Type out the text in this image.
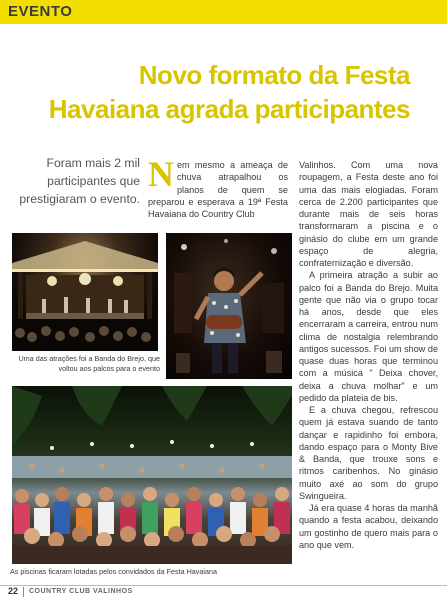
EVENTO
Novo formato da Festa
Havaiana agrada participantes
Foram mais 2 mil participantes que prestigiaram o evento.

Nem mesmo a ameaça de chuva atrapalhou os planos de quem se preparou e esperava a 19ª Festa Havaiana do Country Club

Valinhos. Com uma nova roupagem, a Festa deste ano foi uma das mais elogiadas. Foram cerca de 2.200 participantes que durante mais de seis horas transformaram a piscina e o ginásio do clube em um grande espaço de alegria, confraternização e diversão.

A primeira atração a subir ao palco foi a Banda do Brejo. Muita gente que não via o grupo tocar há anos, desde que eles encerraram a carreira, entrou num clima de nostalgia relembrando antigos sucessos. Foi um show de quase duas horas que terminou com a música " Deixa chover, deixa a chuva molhar" e um pedido da plateia de bis.

E a chuva chegou, refrescou quem já estava suando de tanto dançar e rapidinho foi embora, dando espaço para o Monty Bive & Banda, que trouxe sons e ritmos caribenhos. No ginásio muito axé ao som do grupo Swingueira.

Já era quase 4 horas da manhã quando a festa acabou, deixando um gostinho de quero mais para o ano que vem.

Uma das atrações foi a Banda do Brejo, que voltou aos palcos para o evento
As piscinas ficaram lotadas pelos convidados da Festa Havaiana
22 COUNTRY CLUB VALINHOS
